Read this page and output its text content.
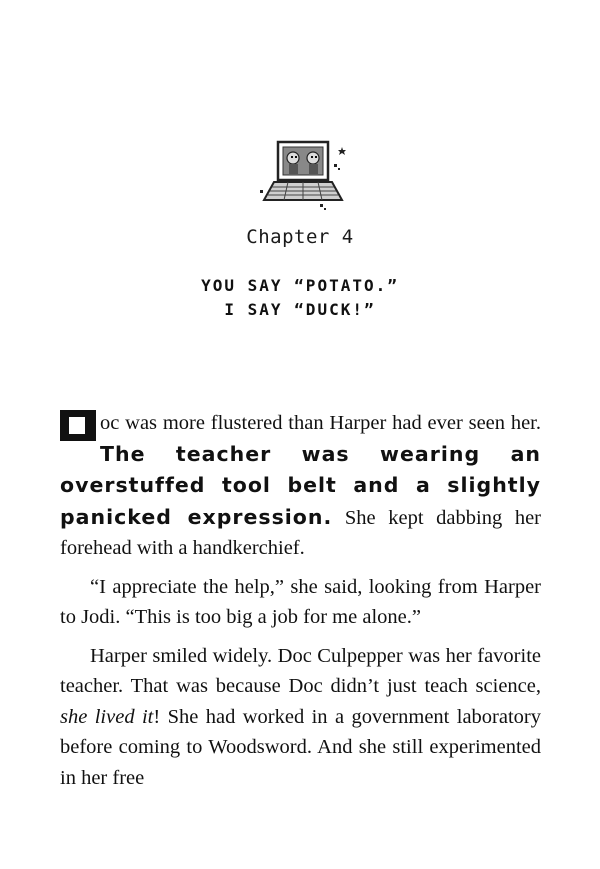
Chapter 4
YOU SAY “POTATO.”
I SAY “DUCK!”

oc was more flustered than Harper had ever seen her. The teacher was wearing an overstuffed tool belt and a slightly panicked expression. She kept dabbing her forehead with a handkerchief.

“I appreciate the help,” she said, looking from Harper to Jodi. “This is too big a job for me alone.”

Harper smiled widely. Doc Culpepper was her favorite teacher. That was because Doc didn’t just teach science, she lived it! She had worked in a government laboratory before coming to Woodsword. And she still experimented in her free
